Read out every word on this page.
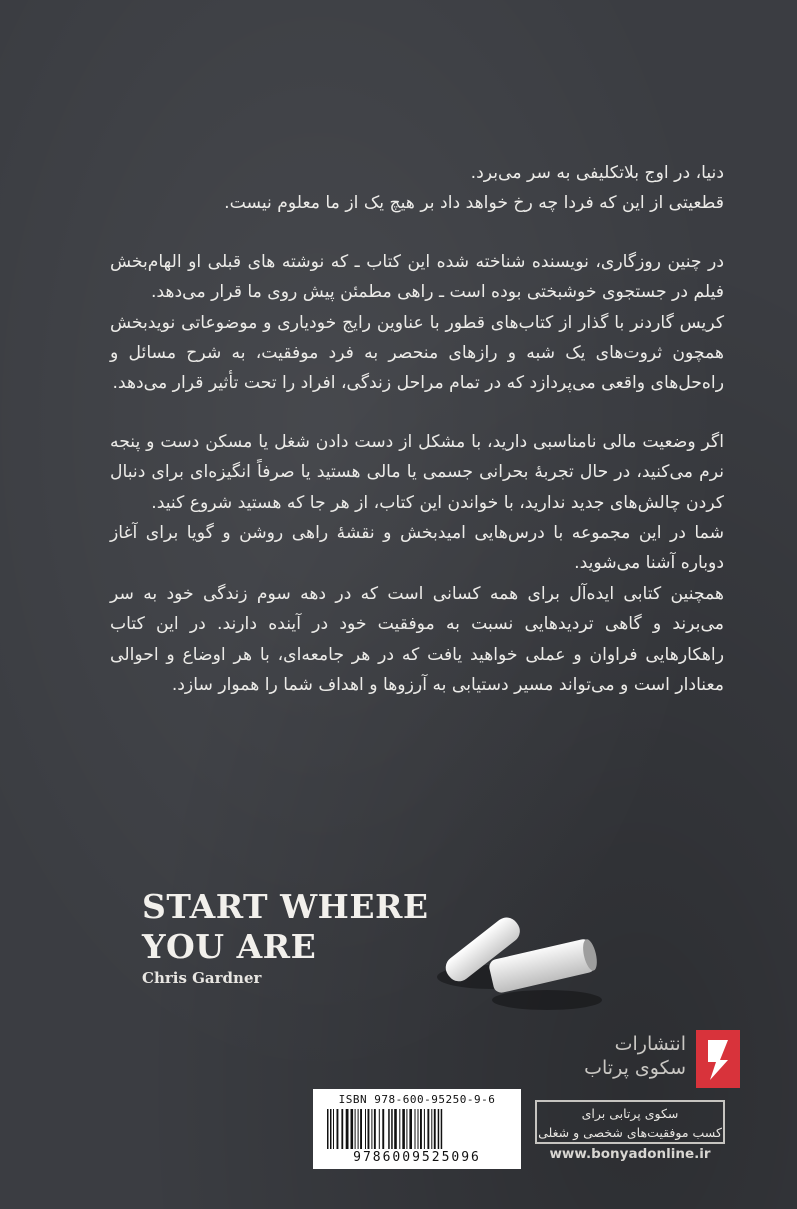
دنیا، در اوج بلاتکلیفی به سر می‌برد.
قطعیتی از این که فردا چه رخ خواهد داد بر هیچ یک از ما معلوم نیست.

در چنین روزگاری، نویسنده شناخته شده این کتاب ـ که نوشته های قبلی او الهام‌بخش فیلم در جستجوی خوشبختی بوده است ـ راهی مطمئن پیش روی ما قرار می‌دهد.

کریس گاردنر با گذار از کتاب‌های قطور با عناوین رایج خودیاری و موضوعاتی نویدبخش همچون ثروت‌های یک شبه و رازهای منحصر به فرد موفقیت، به شرح مسائل و راه‌حل‌های واقعی می‌پردازد که در تمام مراحل زندگی، افراد را تحت تأثیر قرار می‌دهد.

اگر وضعیت مالی نامناسبی دارید، با مشکل از دست دادن شغل یا مسکن دست و پنجه نرم می‌کنید، در حال تجربهٔ بحرانی جسمی یا مالی هستید یا صرفاً انگیزه‌ای برای دنبال کردن چالش‌های جدید ندارید، با خواندن این کتاب، از هر جا که هستید شروع کنید.

شما در این مجموعه با درس‌هایی امیدبخش و نقشهٔ راهی روشن و گویا برای آغاز دوباره آشنا می‌شوید.

همچنین کتابی ایده‌آل برای همه کسانی است که در دهه سوم زندگی خود به سر می‌برند و گاهی تردیدهایی نسبت به موفقیت خود در آینده دارند. در این کتاب راهکارهایی فراوان و عملی خواهید یافت که در هر جامعه‌ای، با هر اوضاع و احوالی معنادار است و می‌تواند مسیر دستیابی به آرزوها و اهداف شما را هموار سازد.

START WHERE
YOU ARE
Chris Gardner
انتشارات
سکوی پرتاب
ISBN 978-600-95250-9-6
9786009525096
سکوی پرتابی برای
کسب موفقیت‌های شخصی و شغلی
www.bonyadonline.ir
